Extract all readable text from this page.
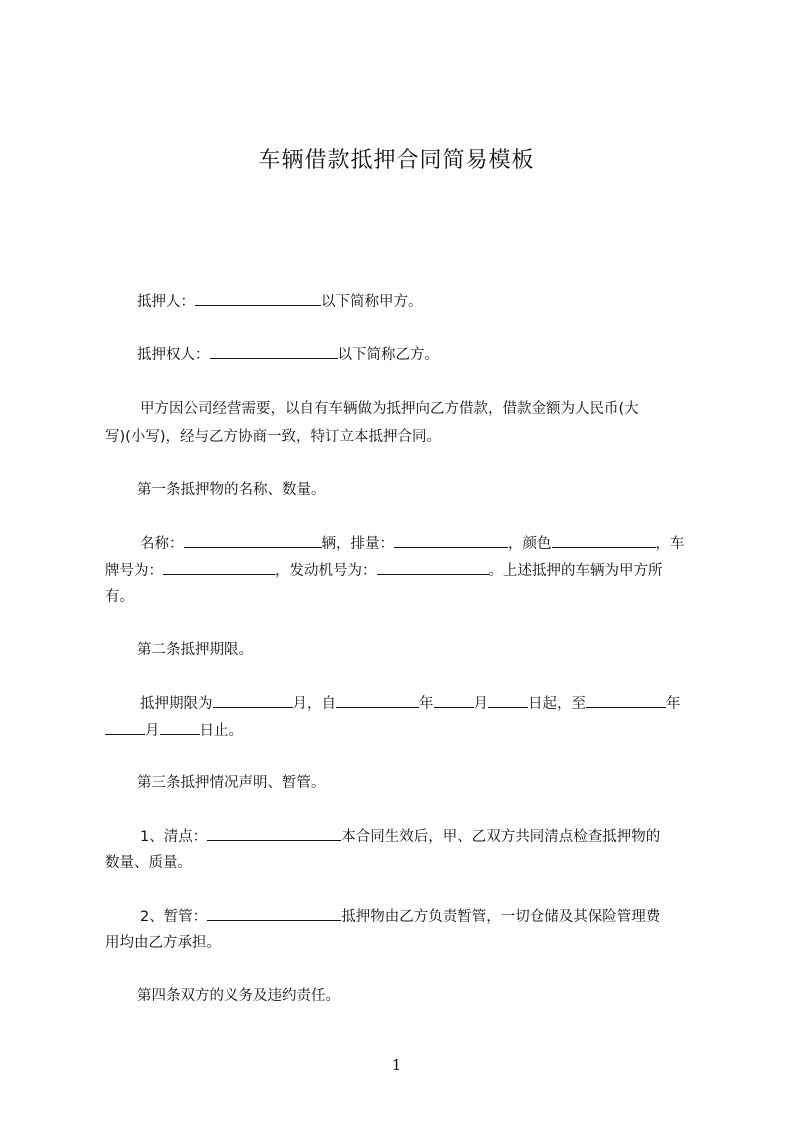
车辆借款抵押合同简易模板
抵押人：	以下简称甲方。
抵押权人：	以下简称乙方。
甲方因公司经营需要，以自有车辆做为抵押向乙方借款，借款金额为人民币(大
写)(小写)，经与乙方协商一致，特订立本抵押合同。
第一条抵押物的名称、数量。
名称：	辆，排量：	，颜色	，车
牌号为：	，发动机号为：	。上述抵押的车辆为甲方所
有。
第二条抵押期限。
抵押期限为	月，自	年	月	日起，至	年
月	日止。
第三条抵押情况声明、暂管。
1、清点：	本合同生效后，甲、乙双方共同清点检查抵押物的
数量、质量。
2、暂管：	抵押物由乙方负责暂管，一切仓储及其保险管理费
用均由乙方承担。
第四条双方的义务及违约责任。
1
